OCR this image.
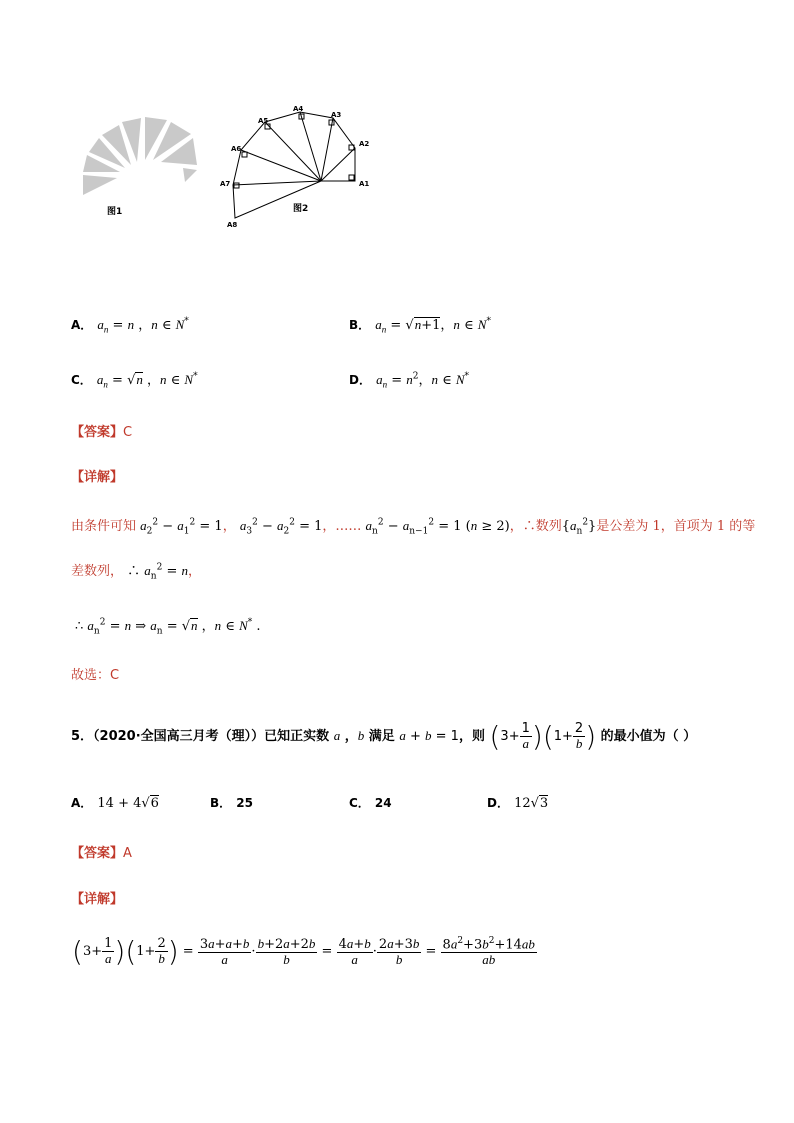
图1
A1
A2
A3
A4
A5
A6
A7
A8
图2
A． $a_n = n$ ，n ∈ N*	B． $a_n = √n+1$，n ∈ N*
C． $a_n = √n$ ，n ∈ N*	D． $a_n = n^2$，n ∈ N*
【答案】C
【详解】
由条件可知 $a_2^2 - a_1^2 = 1$， $a_3^2 - a_2^2 = 1$，…… $a_n^2 - a_{n-1}^2 = 1$ (n ≥ 2)，∴数列$\{a_n^2\}$是公差为 1，首项为 1 的等
差数列， ∴ $a_n^2 = n$，
∴ $a_n^2 = n$ ⇒ $a_n = √n$ ，n ∈ N* .
故选：C
5．（2020·全国高三月考（理））已知正实数 a ，b 满足 a + b = 1，则 $(3+ \frac{1}{a} )(1+ \frac{2}{b}$ ) 的最小值为（ ）
A． 14 + 4√6	B． 25	C． 24	D． 12√3
【答案】A
【详解】
$(3+ \frac{1}{a} )(1+ \frac{2}{b}$ ) = $\frac{3a+a+b}{a} \cdot \frac{b+2a+2b}{b} = \frac{4a+b}{a} \cdot \frac{2a+3b}{b} = \frac{8a^2+3b^2+14ab}{ab}$
